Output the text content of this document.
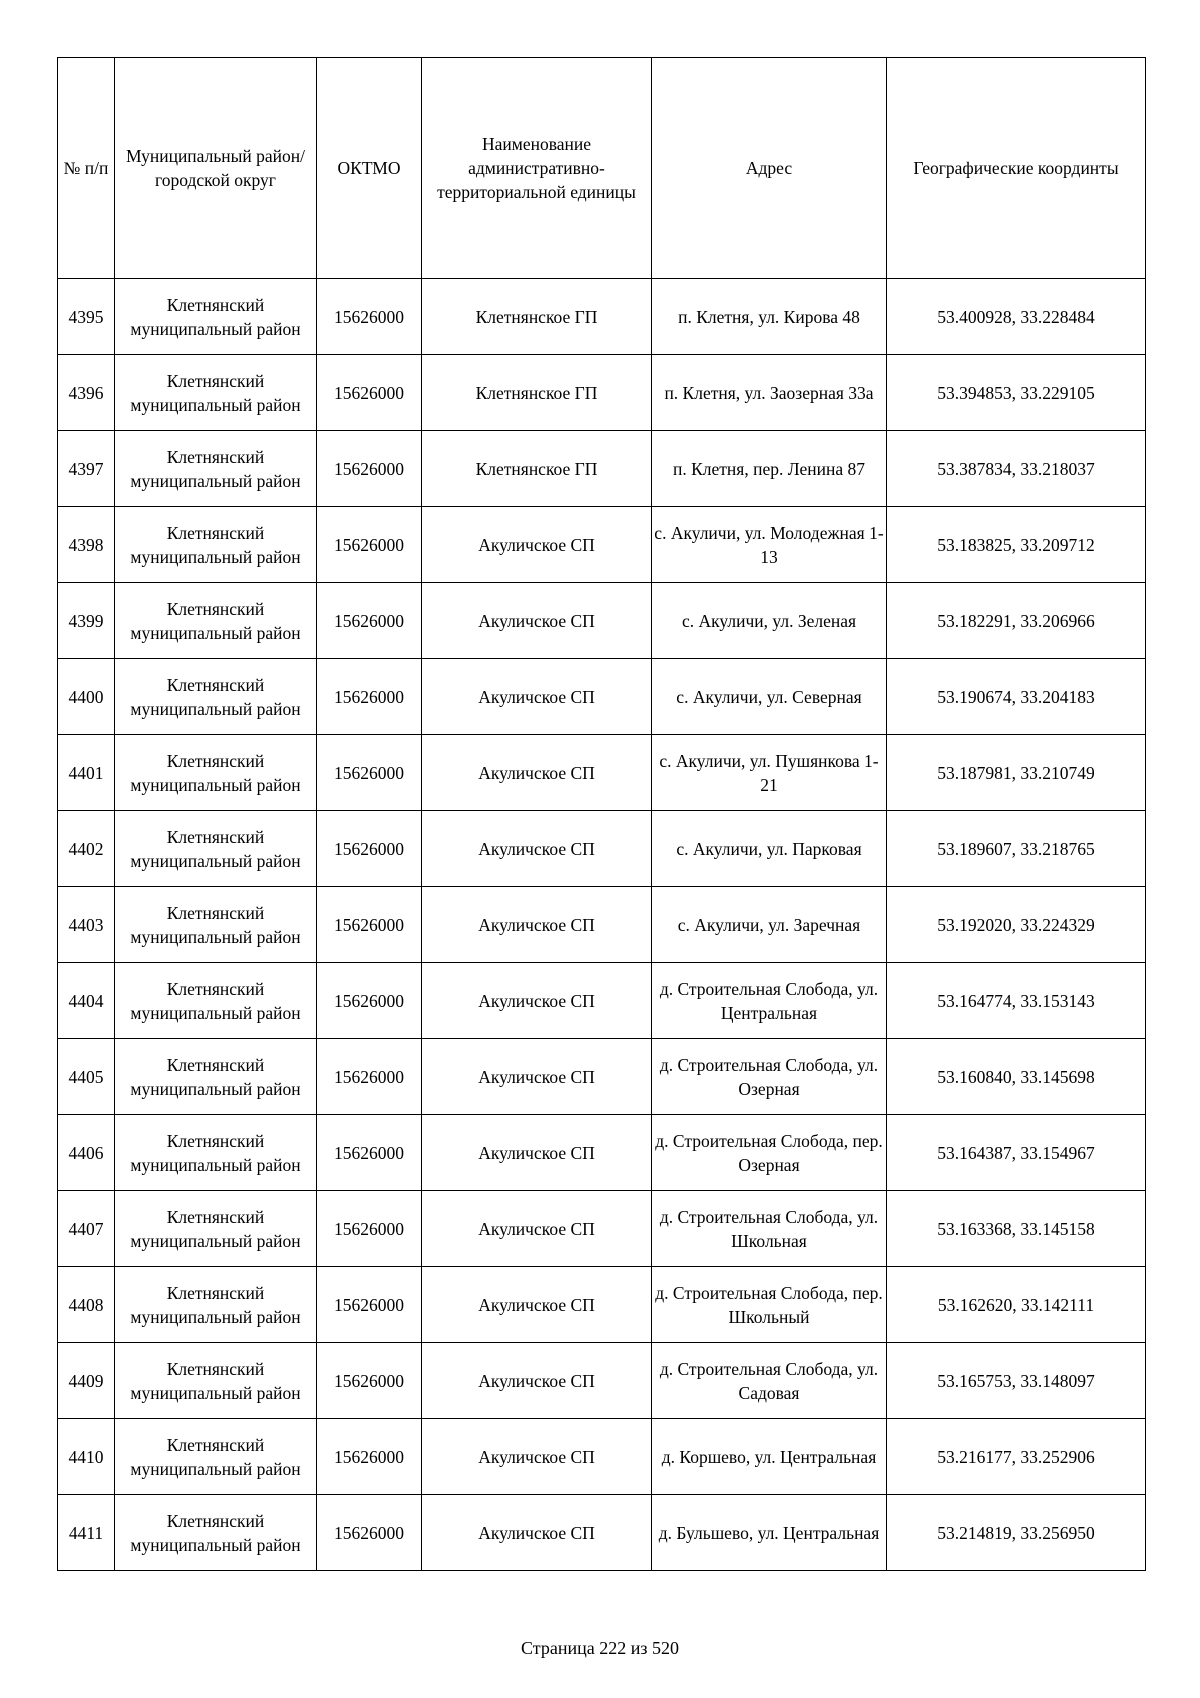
№ п/п	Муниципальный район/городской округ	ОКТМО	Наименование административно-территориальной единицы	Адрес	Географические координты
4395	Клетнянский муниципальный район	15626000	Клетнянское ГП	п. Клетня, ул. Кирова 48	53.400928, 33.228484
4396	Клетнянский муниципальный район	15626000	Клетнянское ГП	п. Клетня, ул. Заозерная 33а	53.394853, 33.229105
4397	Клетнянский муниципальный район	15626000	Клетнянское ГП	п. Клетня, пер. Ленина 87	53.387834, 33.218037
4398	Клетнянский муниципальный район	15626000	Акуличское СП	с. Акуличи, ул. Молодежная 1-13	53.183825, 33.209712
4399	Клетнянский муниципальный район	15626000	Акуличское СП	с. Акуличи, ул. Зеленая	53.182291, 33.206966
4400	Клетнянский муниципальный район	15626000	Акуличское СП	с. Акуличи, ул. Северная	53.190674, 33.204183
4401	Клетнянский муниципальный район	15626000	Акуличское СП	с. Акуличи, ул. Пушянкова 1-21	53.187981, 33.210749
4402	Клетнянский муниципальный район	15626000	Акуличское СП	с. Акуличи, ул. Парковая	53.189607, 33.218765
4403	Клетнянский муниципальный район	15626000	Акуличское СП	с. Акуличи, ул. Заречная	53.192020, 33.224329
4404	Клетнянский муниципальный район	15626000	Акуличское СП	д. Строительная Слобода, ул. Центральная	53.164774, 33.153143
4405	Клетнянский муниципальный район	15626000	Акуличское СП	д. Строительная Слобода, ул. Озерная	53.160840, 33.145698
4406	Клетнянский муниципальный район	15626000	Акуличское СП	д. Строительная Слобода, пер. Озерная	53.164387, 33.154967
4407	Клетнянский муниципальный район	15626000	Акуличское СП	д. Строительная Слобода, ул. Школьная	53.163368, 33.145158
4408	Клетнянский муниципальный район	15626000	Акуличское СП	д. Строительная Слобода, пер. Школьный	53.162620, 33.142111
4409	Клетнянский муниципальный район	15626000	Акуличское СП	д. Строительная Слобода, ул. Садовая	53.165753, 33.148097
4410	Клетнянский муниципальный район	15626000	Акуличское СП	д. Коршево, ул. Центральная	53.216177, 33.252906
4411	Клетнянский муниципальный район	15626000	Акуличское СП	д. Бульшево, ул. Центральная	53.214819, 33.256950
Страница 222 из 520
